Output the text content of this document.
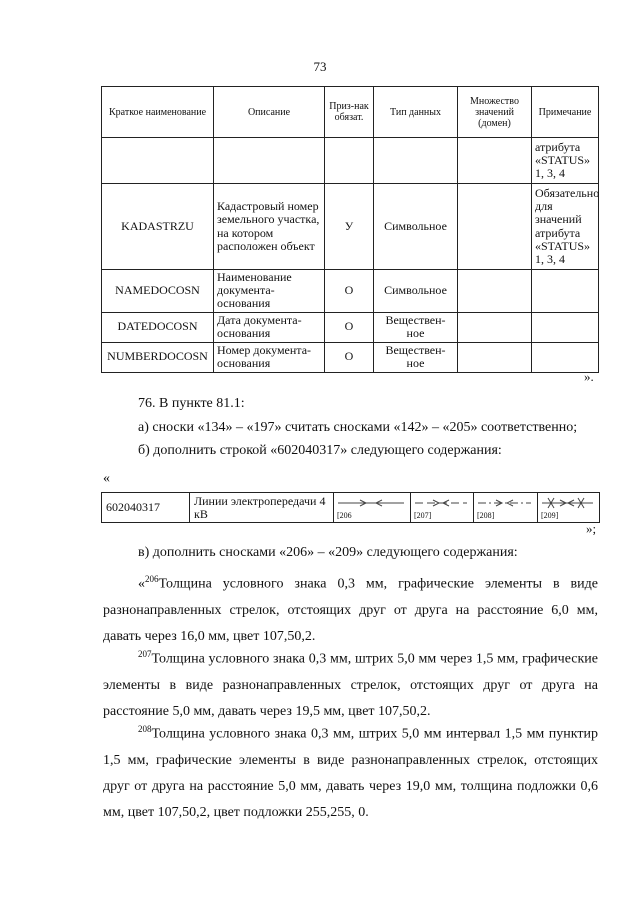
73
Краткое наименование	Описание	Приз-нак обязат.	Тип данных	Множество значений (домен)	Примечание
					атрибута «STATUS» 1, 3, 4
KADASTRZU	Кадастровый номер земельного участка, на котором расположен объект	У	Символьное		Обязательно для значений атрибута «STATUS» 1, 3, 4
NAMEDOCOSN	Наименование документа-основания	О	Символьное		
DATEDOCOSN	Дата документа-основания	О	Веществен-ное		
NUMBERDOCOSN	Номер документа-основания	О	Веществен-ное		
».
76. В пункте 81.1:
а) сноски «134» – «197» считать сносками «142» – «205» соответственно;
б) дополнить строкой «602040317» следующего содержания:
«
602040317	Линии электропередачи 4 кВ	[206	[207]	[208]	[209]
»;
в) дополнить сносками «206» – «209» следующего содержания:
«$^{206}$Толщина условного знака 0,3 мм, графические элементы в виде разнонаправленных стрелок, отстоящих друг от друга на расстояние 6,0 мм, давать через 16,0 мм, цвет 107,50,2.
$^{207}$Толщина условного знака 0,3 мм, штрих 5,0 мм через 1,5 мм, графические элементы в виде разнонаправленных стрелок, отстоящих друг от друга на расстояние 5,0 мм, давать через 19,5 мм, цвет 107,50,2.
$^{208}$Толщина условного знака 0,3 мм, штрих 5,0 мм интервал 1,5 мм пунктир 1,5 мм, графические элементы в виде разнонаправленных стрелок, отстоящих друг от друга на расстояние 5,0 мм, давать через 19,0 мм, толщина подложки 0,6 мм, цвет 107,50,2, цвет подложки 255,255, 0.
